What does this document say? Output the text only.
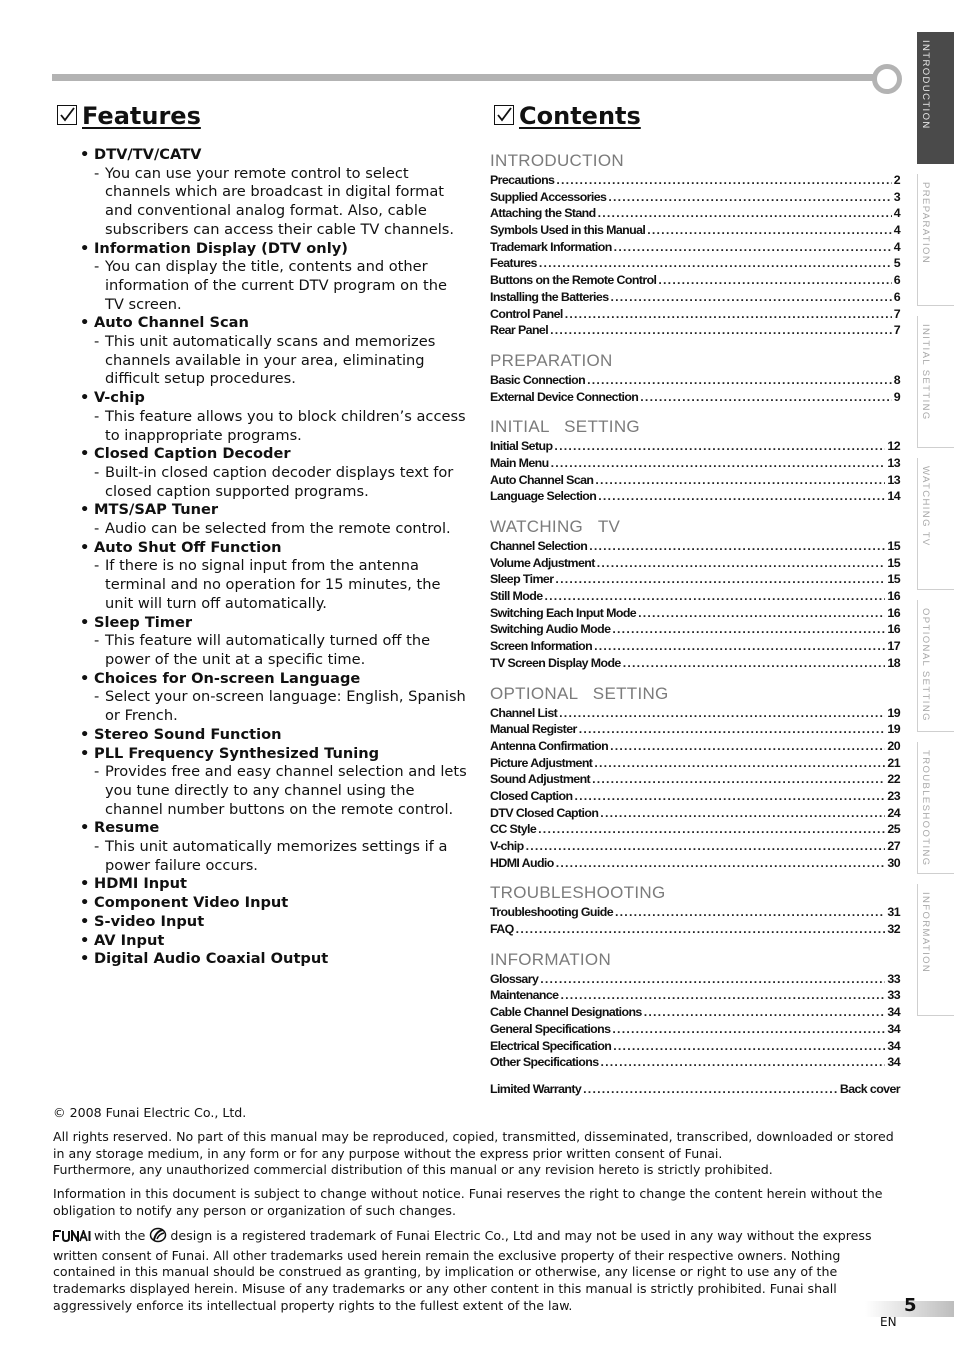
Features	Contents
• DTV/TV/CATV
- You can use your remote control to select channels which are broadcast in digital format and conventional analog format. Also, cable subscribers can access their cable TV channels.
• Information Display (DTV only)
- You can display the title, contents and other information of the current DTV program on the TV screen.
• Auto Channel Scan
- This unit automatically scans and memorizes channels available in your area, eliminating difficult setup procedures.
• V-chip
- This feature allows you to block children’s access to inappropriate programs.
• Closed Caption Decoder
- Built-in closed caption decoder displays text for closed caption supported programs.
• MTS/SAP Tuner
- Audio can be selected from the remote control.
• Auto Shut Off Function
- If there is no signal input from the antenna terminal and no operation for 15 minutes, the unit will turn off automatically.
• Sleep Timer
- This feature will automatically turned off the power of the unit at a specific time.
• Choices for On-screen Language
- Select your on-screen language: English, Spanish or French.
• Stereo Sound Function
• PLL Frequency Synthesized Tuning
- Provides free and easy channel selection and lets you tune directly to any channel using the channel number buttons on the remote control.
• Resume
- This unit automatically memorizes settings if a power failure occurs.
• HDMI Input
• Component Video Input
• S-video Input
• AV Input
• Digital Audio Coaxial Output
INTRODUCTION
Precautions .....	2
Supplied Accessories .....	3
Attaching the Stand .....	4
Symbols Used in this Manual .....	4
Trademark Information .....	4
Features .....	5
Buttons on the Remote Control .....	6
Installing the Batteries .....	6
Control Panel .....	7
Rear Panel .....	7
PREPARATION
Basic Connection .....	8
External Device Connection .....	9
INITIAL   SETTING
Initial Setup .....	12
Main Menu .....	13
Auto Channel Scan .....	13
Language Selection .....	14
WATCHING   TV
Channel Selection .....	15
Volume Adjustment .....	15
Sleep Timer .....	15
Still Mode .....	16
Switching Each Input Mode .....	16
Switching Audio Mode .....	16
Screen Information .....	17
TV Screen Display Mode .....	18
OPTIONAL   SETTING
Channel List .....	19
Manual Register .....	19
Antenna Confirmation .....	20
Picture Adjustment .....	21
Sound Adjustment .....	22
Closed Caption .....	23
DTV Closed Caption .....	24
CC Style .....	25
V-chip .....	27
HDMI Audio .....	30
TROUBLESHOOTING
Troubleshooting Guide .....	31
FAQ .....	32
INFORMATION
Glossary .....	33
Maintenance .....	33
Cable Channel Designations .....	34
General Specifications .....	34
Electrical Specification .....	34
Other Specifications .....	34
Limited Warranty .....	Back cover
INTRODUCTION
PREPARATION
INITIAL SETTING
WATCHING TV
OPTIONAL SETTING
TROUBLESHOOTING
INFORMATION

© 2008 Funai Electric Co., Ltd.

All rights reserved. No part of this manual may be reproduced, copied, transmitted, disseminated, transcribed, downloaded or stored in any storage medium, in any form or for any purpose without the express prior written consent of Funai.

Furthermore, any unauthorized commercial distribution of this manual or any revision hereto is strictly prohibited.

Information in this document is subject to change without notice. Funai reserves the right to change the content herein without the obligation to notify any person or organization of such changes.

with the design is a registered trademark of Funai Electric Co., Ltd and may not be used in any way without the express written consent of Funai. All other trademarks used herein remain the exclusive property of their respective owners. Nothing contained in this manual should be construed as granting, by implication or otherwise, any license or right to use any of the trademarks displayed herein. Misuse of any trademarks or any other content in this manual is strictly prohibited. Funai shall aggressively enforce its intellectual property rights to the fullest extent of the law.	5
EN
